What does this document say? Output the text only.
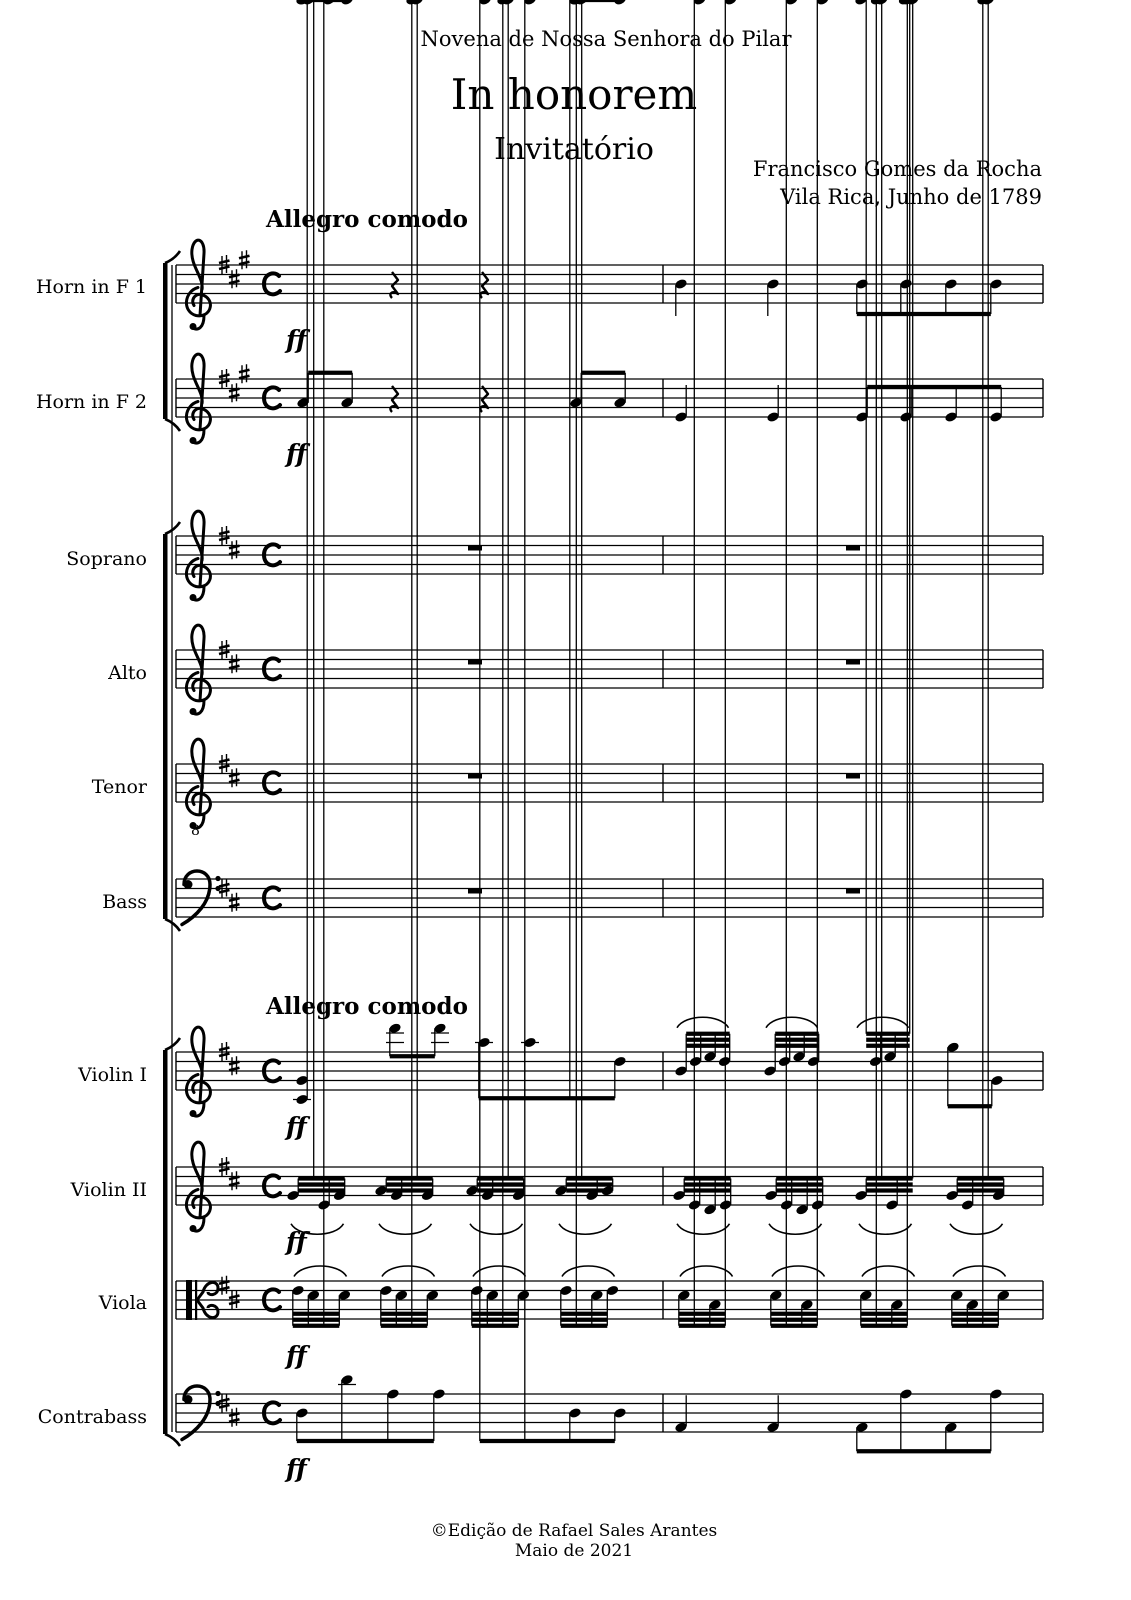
Novena de Nossa Senhora do Pilar
In honorem
Invitatório
Francisco Gomes da Rocha
Vila Rica, Junho de 1789
Allegro comodo
Allegro comodo
Horn in F 1
Horn in F 2
Soprano
Alto
Tenor
Bass
Violin I
Violin II
Viola
Contrabass
ff
ff
8
ff
ff
ff
ff
©Edição de Rafael Sales Arantes
Maio de 2021
